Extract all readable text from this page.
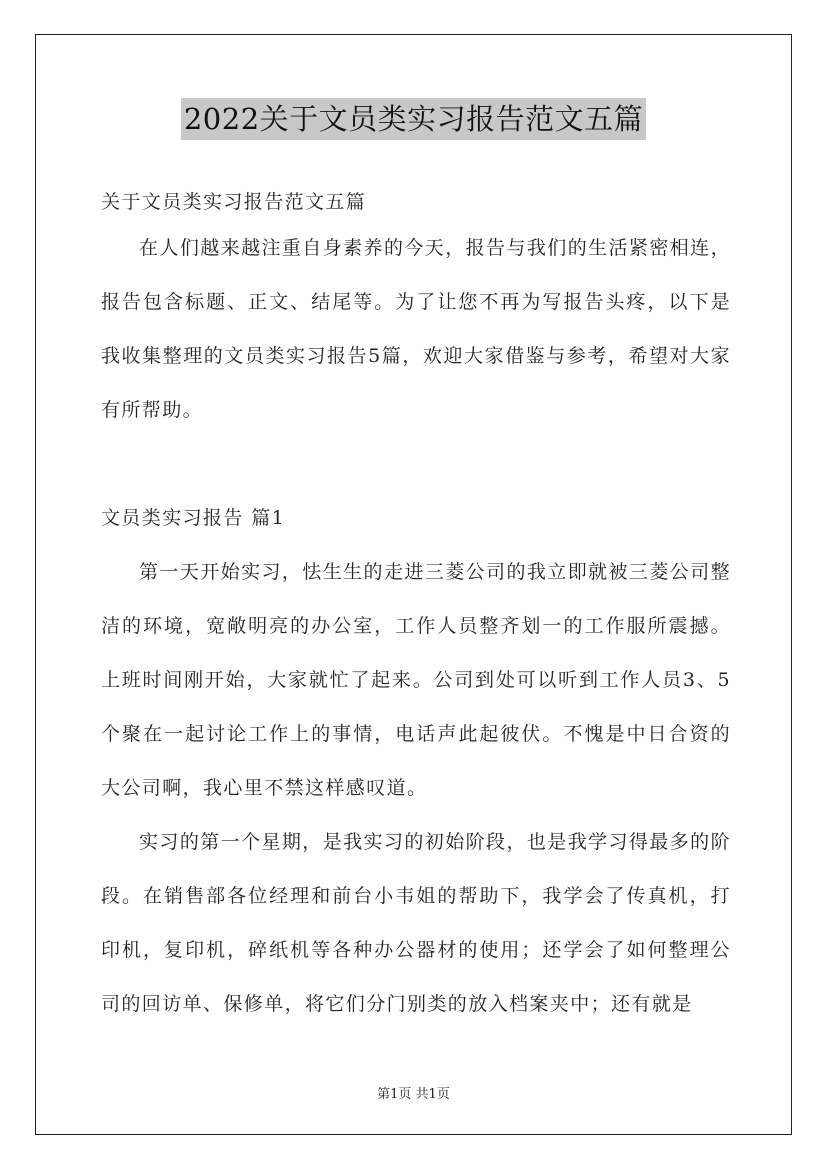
2022关于文员类实习报告范文五篇
关于文员类实习报告范文五篇

在人们越来越注重自身素养的今天，报告与我们的生活紧密相连，报告包含标题、正文、结尾等。为了让您不再为写报告头疼，以下是我收集整理的文员类实习报告5篇，欢迎大家借鉴与参考，希望对大家有所帮助。

文员类实习报告 篇1

第一天开始实习，怯生生的走进三菱公司的我立即就被三菱公司整洁的环境，宽敞明亮的办公室，工作人员整齐划一的工作服所震撼。上班时间刚开始，大家就忙了起来。公司到处可以听到工作人员3、5个聚在一起讨论工作上的事情，电话声此起彼伏。不愧是中日合资的大公司啊，我心里不禁这样感叹道。

实习的第一个星期，是我实习的初始阶段，也是我学习得最多的阶段。在销售部各位经理和前台小韦姐的帮助下，我学会了传真机，打印机，复印机，碎纸机等各种办公器材的使用；还学会了如何整理公司的回访单、保修单，将它们分门别类的放入档案夹中；还有就是

第1页 共1页
